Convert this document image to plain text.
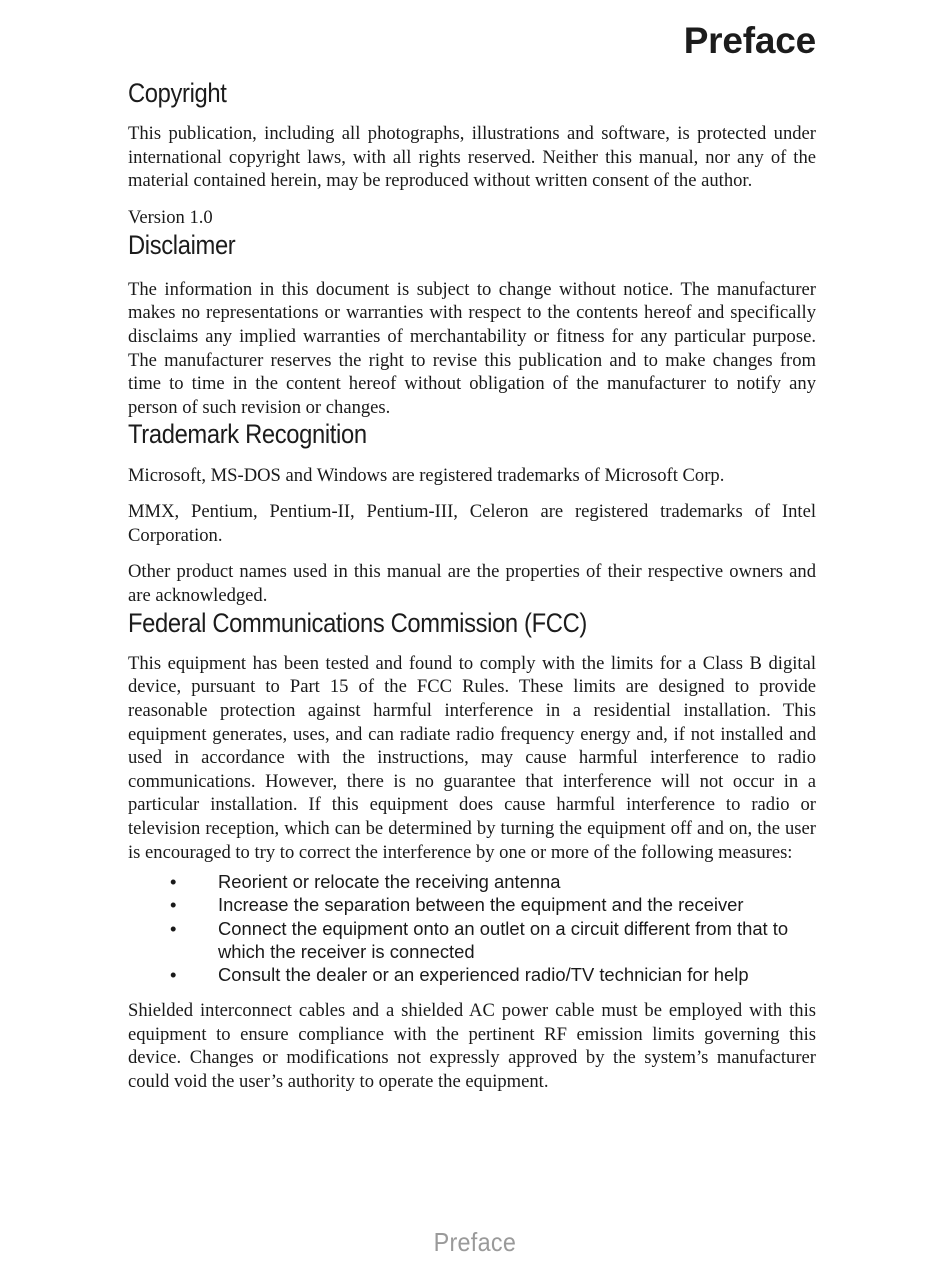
Preface
Copyright

This publication, including all photographs, illustrations and software, is protected under international copyright laws, with all rights reserved. Neither this manual, nor any of the material contained herein, may be reproduced without written consent of the author.

Version 1.0

Disclaimer

The information in this document is subject to change without notice. The manufacturer makes no representations or warranties with respect to the contents hereof and specifically disclaims any implied warranties of merchantability or fitness for any particular purpose. The manufacturer reserves the right to revise this publication and to make changes from time to time in the content hereof without obligation of the manufacturer to notify any person of such revision or changes.

Trademark Recognition

Microsoft, MS-DOS and Windows are registered trademarks of Microsoft Corp.

MMX, Pentium, Pentium-II, Pentium-III, Celeron are registered trademarks of Intel Corporation.

Other product names used in this manual are the properties of their respective owners and are acknowledged.

Federal Communications Commission (FCC)

This equipment has been tested and found to comply with the limits for a Class B digital device, pursuant to Part 15 of the FCC Rules. These limits are designed to provide reasonable protection against harmful interference in a residential installation. This equipment generates, uses, and can radiate radio frequency energy and, if not installed and used in accordance with the instructions, may cause harmful interference to radio communications. However, there is no guarantee that interference will not occur in a particular installation. If this equipment does cause harmful interference to radio or television reception, which can be determined by turning the equipment off and on, the user is encouraged to try to correct the interference by one or more of the following measures:

• Reorient or relocate the receiving antenna
• Increase the separation between the equipment and the receiver
• Connect the equipment onto an outlet on a circuit different from that to which the receiver is connected
• Consult the dealer or an experienced radio/TV technician for help

Shielded interconnect cables and a shielded AC power cable must be employed with this equipment to ensure compliance with the pertinent RF emission limits governing this device. Changes or modifications not expressly approved by the system’s manufacturer could void the user’s authority to operate the equipment.

Preface
